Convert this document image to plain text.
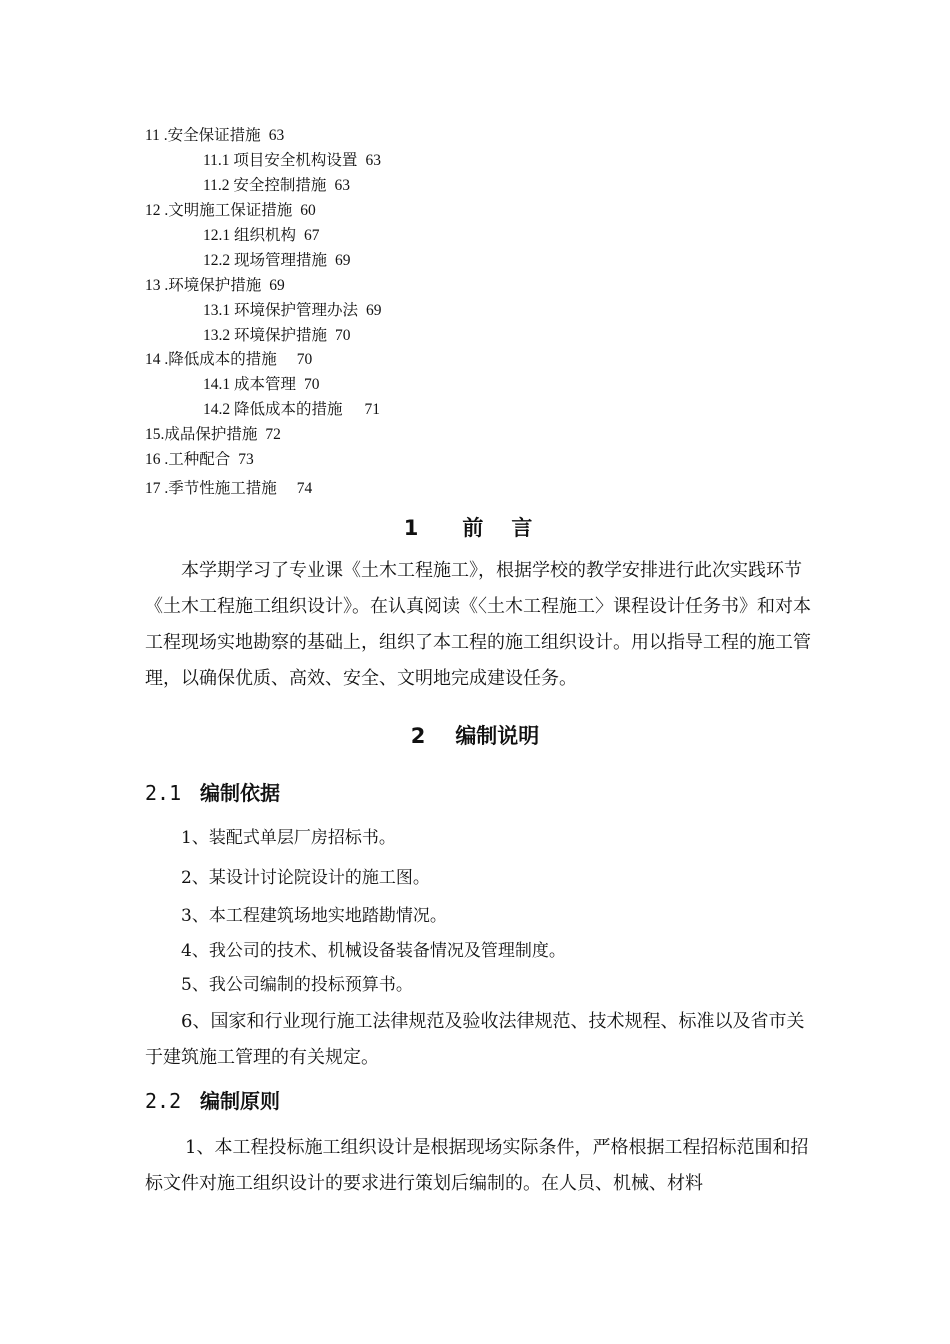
11 .安全保证措施 63
11.1 项目安全机构设置 63
11.2 安全控制措施 63
12 .文明施工保证措施 60
12.1 组织机构 67
12.2 现场管理措施 69
13 .环境保护措施 69
13.1 环境保护管理办法 69
13.2 环境保护措施 70
14 .降低成本的措施 70
14.1 成本管理 70
14.2 降低成本的措施 71
15.成品保护措施 72
16 .工种配合 73
17 .季节性施工措施 74
1 前 言
本学期学习了专业课《土木工程施工》，根据学校的教学安排进行此次实践环节《土木工程施工组织设计》。在认真阅读《〈土木工程施工〉课程设计任务书》和对本工程现场实地勘察的基础上，组织了本工程的施工组织设计。用以指导工程的施工管理，以确保优质、高效、安全、文明地完成建设任务。
2 编制说明
2.1 编制依据
1、装配式单层厂房招标书。
2、某设计讨论院设计的施工图。
3、本工程建筑场地实地踏勘情况。
4、我公司的技术、机械设备装备情况及管理制度。
5、我公司编制的投标预算书。
6、国家和行业现行施工法律规范及验收法律规范、技术规程、标准以及省市关于建筑施工管理的有关规定。
2.2 编制原则
1、本工程投标施工组织设计是根据现场实际条件，严格根据工程招标范围和招标文件对施工组织设计的要求进行策划后编制的。在人员、机械、材料
